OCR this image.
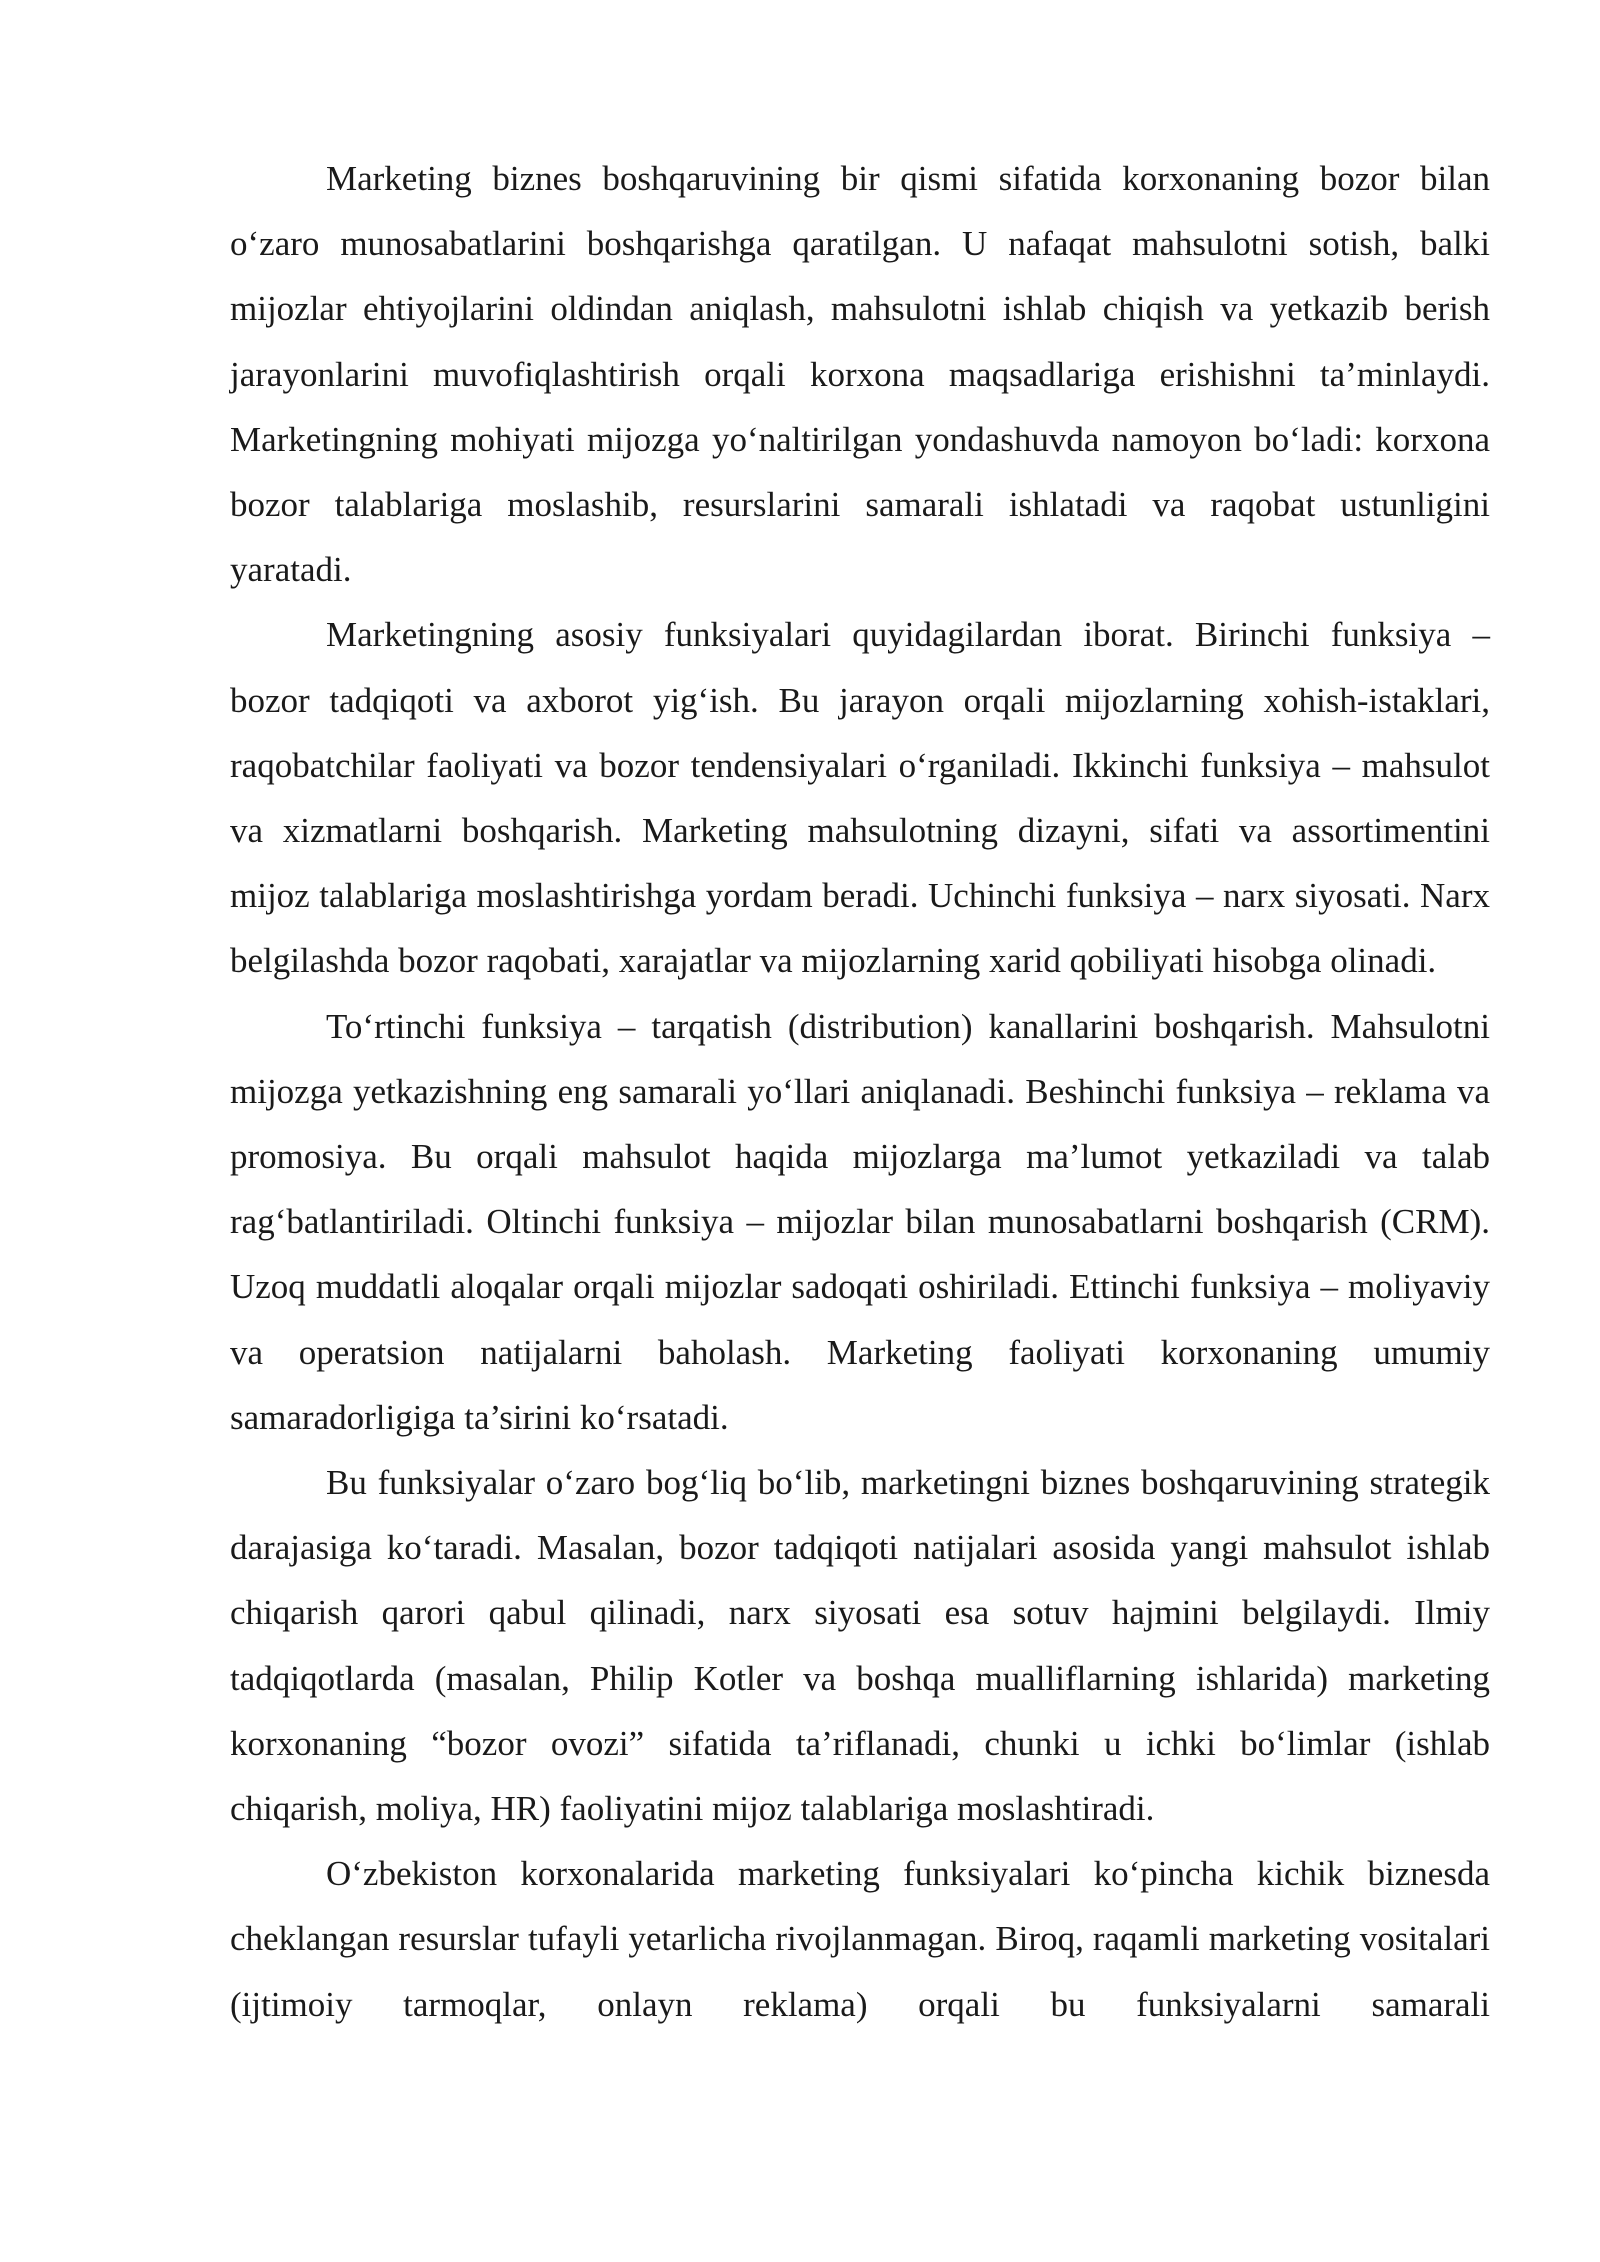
Marketing biznes boshqaruvining bir qismi sifatida korxonaning bozor bilan o‘zaro munosabatlarini boshqarishga qaratilgan. U nafaqat mahsulotni sotish, balki mijozlar ehtiyojlarini oldindan aniqlash, mahsulotni ishlab chiqish va yetkazib berish jarayonlarini muvofiqlashtirish orqali korxona maqsadlariga erishishni ta’minlaydi. Marketingning mohiyati mijozga yo‘naltirilgan yondashuvda namoyon bo‘ladi: korxona bozor talablariga moslashib, resurslarini samarali ishlatadi va raqobat ustunligini yaratadi.

Marketingning asosiy funksiyalari quyidagilardan iborat. Birinchi funksiya – bozor tadqiqoti va axborot yig‘ish. Bu jarayon orqali mijozlarning xohish-istaklari, raqobatchilar faoliyati va bozor tendensiyalari o‘rganiladi. Ikkinchi funksiya – mahsulot va xizmatlarni boshqarish. Marketing mahsulotning dizayni, sifati va assortimentini mijoz talablariga moslashtirishga yordam beradi. Uchinchi funksiya – narx siyosati. Narx belgilashda bozor raqobati, xarajatlar va mijozlarning xarid qobiliyati hisobga olinadi.

To‘rtinchi funksiya – tarqatish (distribution) kanallarini boshqarish. Mahsulotni mijozga yetkazishning eng samarali yo‘llari aniqlanadi. Beshinchi funksiya – reklama va promosiya. Bu orqali mahsulot haqida mijozlarga ma’lumot yetkaziladi va talab rag‘batlantiriladi. Oltinchi funksiya – mijozlar bilan munosabatlarni boshqarish (CRM). Uzoq muddatli aloqalar orqali mijozlar sadoqati oshiriladi. Ettinchi funksiya – moliyaviy va operatsion natijalarni baholash. Marketing faoliyati korxonaning umumiy samaradorligiga ta’sirini ko‘rsatadi.

Bu funksiyalar o‘zaro bog‘liq bo‘lib, marketingni biznes boshqaruvining strategik darajasiga ko‘taradi. Masalan, bozor tadqiqoti natijalari asosida yangi mahsulot ishlab chiqarish qarori qabul qilinadi, narx siyosati esa sotuv hajmini belgilaydi. Ilmiy tadqiqotlarda (masalan, Philip Kotler va boshqa mualliflarning ishlarida) marketing korxonaning “bozor ovozi” sifatida ta’riflanadi, chunki u ichki bo‘limlar (ishlab chiqarish, moliya, HR) faoliyatini mijoz talablariga moslashtiradi.

O‘zbekiston korxonalarida marketing funksiyalari ko‘pincha kichik biznesda cheklangan resurslar tufayli yetarlicha rivojlanmagan. Biroq, raqamli marketing vositalari (ijtimoiy tarmoqlar, onlayn reklama) orqali bu funksiyalarni samarali
